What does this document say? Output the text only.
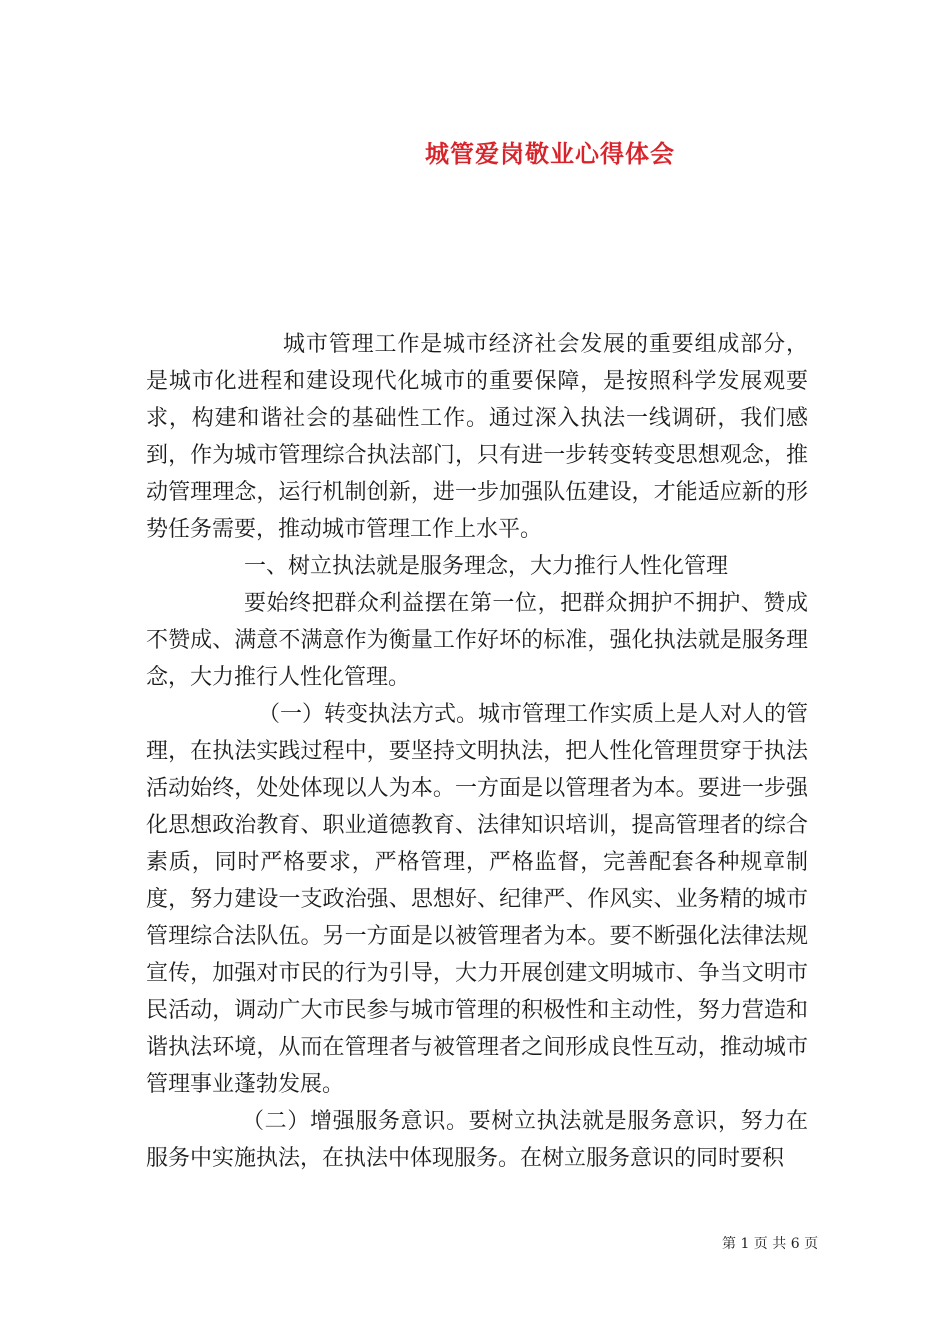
城管爱岗敬业心得体会

城市管理工作是城市经济社会发展的重要组成部分，是城市化进程和建设现代化城市的重要保障，是按照科学发展观要求，构建和谐社会的基础性工作。通过深入执法一线调研，我们感到，作为城市管理综合执法部门，只有进一步转变转变思想观念，推动管理理念，运行机制创新，进一步加强队伍建设，才能适应新的形势任务需要，推动城市管理工作上水平。

一、树立执法就是服务理念，大力推行人性化管理

要始终把群众利益摆在第一位，把群众拥护不拥护、赞成不赞成、满意不满意作为衡量工作好坏的标准，强化执法就是服务理念，大力推行人性化管理。

（一）转变执法方式。城市管理工作实质上是人对人的管理，在执法实践过程中，要坚持文明执法，把人性化管理贯穿于执法活动始终，处处体现以人为本。一方面是以管理者为本。要进一步强化思想政治教育、职业道德教育、法律知识培训，提高管理者的综合素质，同时严格要求，严格管理，严格监督，完善配套各种规章制度，努力建设一支政治强、思想好、纪律严、作风实、业务精的城市管理综合法队伍。另一方面是以被管理者为本。要不断强化法律法规宣传，加强对市民的行为引导，大力开展创建文明城市、争当文明市民活动，调动广大市民参与城市管理的积极性和主动性，努力营造和谐执法环境，从而在管理者与被管理者之间形成良性互动，推动城市管理事业蓬勃发展。

（二）增强服务意识。要树立执法就是服务意识，努力在服务中实施执法，在执法中体现服务。在树立服务意识的同时要积

第 1 页 共 6 页
